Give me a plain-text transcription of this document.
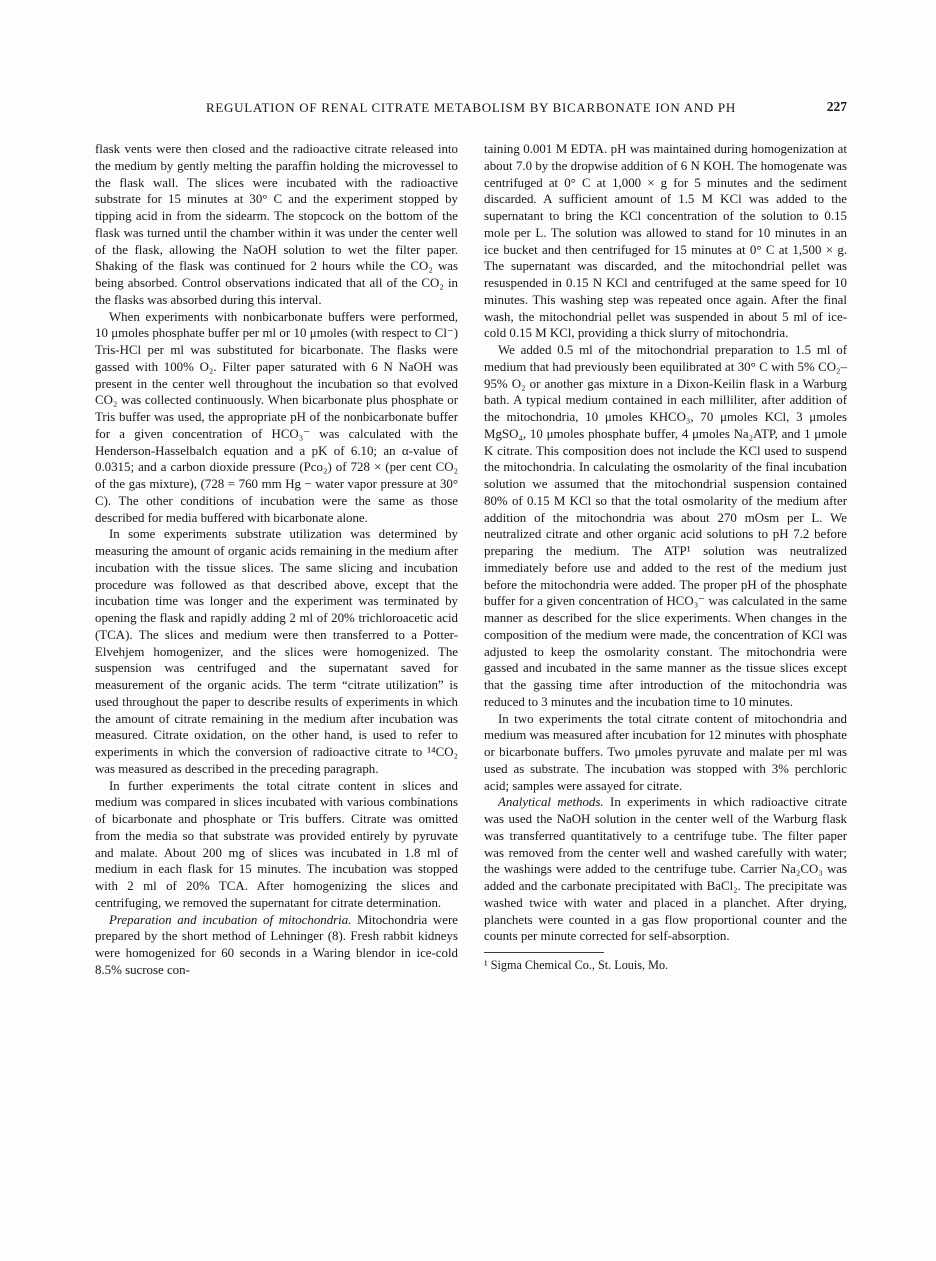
REGULATION OF RENAL CITRATE METABOLISM BY BICARBONATE ION AND PH	227

flask vents were then closed and the radioactive citrate released into the medium by gently melting the paraffin holding the microvessel to the flask wall. The slices were incubated with the radioactive substrate for 15 minutes at 30° C and the experiment stopped by tipping acid in from the sidearm. The stopcock on the bottom of the flask was turned until the chamber within it was under the center well of the flask, allowing the NaOH solution to wet the filter paper. Shaking of the flask was continued for 2 hours while the CO₂ was being absorbed. Control observations indicated that all of the CO₂ in the flasks was absorbed during this interval.

When experiments with nonbicarbonate buffers were performed, 10 μmoles phosphate buffer per ml or 10 μmoles (with respect to Cl⁻) Tris-HCl per ml was substituted for bicarbonate. The flasks were gassed with 100% O₂. Filter paper saturated with 6 N NaOH was present in the center well throughout the incubation so that evolved CO₂ was collected continuously. When bicarbonate plus phosphate or Tris buffer was used, the appropriate pH of the nonbicarbonate buffer for a given concentration of HCO₃⁻ was calculated with the Henderson-Hasselbalch equation and a pK of 6.10; an α-value of 0.0315; and a carbon dioxide pressure (Pco₂) of 728 × (per cent CO₂ of the gas mixture), (728 = 760 mm Hg − water vapor pressure at 30° C). The other conditions of incubation were the same as those described for media buffered with bicarbonate alone.

In some experiments substrate utilization was determined by measuring the amount of organic acids remaining in the medium after incubation with the tissue slices. The same slicing and incubation procedure was followed as that described above, except that the incubation time was longer and the experiment was terminated by opening the flask and rapidly adding 2 ml of 20% trichloroacetic acid (TCA). The slices and medium were then transferred to a Potter-Elvehjem homogenizer, and the slices were homogenized. The suspension was centrifuged and the supernatant saved for measurement of the organic acids. The term “citrate utilization” is used throughout the paper to describe results of experiments in which the amount of citrate remaining in the medium after incubation was measured. Citrate oxidation, on the other hand, is used to refer to experiments in which the conversion of radioactive citrate to ¹⁴CO₂ was measured as described in the preceding paragraph.

In further experiments the total citrate content in slices and medium was compared in slices incubated with various combinations of bicarbonate and phosphate or Tris buffers. Citrate was omitted from the media so that substrate was provided entirely by pyruvate and malate. About 200 mg of slices was incubated in 1.8 ml of medium in each flask for 15 minutes. The incubation was stopped with 2 ml of 20% TCA. After homogenizing the slices and centrifuging, we removed the supernatant for citrate determination.

Preparation and incubation of mitochondria. Mitochondria were prepared by the short method of Lehninger (8). Fresh rabbit kidneys were homogenized for 60 seconds in a Waring blendor in ice-cold 8.5% sucrose con-

taining 0.001 M EDTA. pH was maintained during homogenization at about 7.0 by the dropwise addition of 6 N KOH. The homogenate was centrifuged at 0° C at 1,000 × g for 5 minutes and the sediment discarded. A sufficient amount of 1.5 M KCl was added to the supernatant to bring the KCl concentration of the solution to 0.15 mole per L. The solution was allowed to stand for 10 minutes in an ice bucket and then centrifuged for 15 minutes at 0° C at 1,500 × g. The supernatant was discarded, and the mitochondrial pellet was resuspended in 0.15 N KCl and centrifuged at the same speed for 10 minutes. This washing step was repeated once again. After the final wash, the mitochondrial pellet was suspended in about 5 ml of ice-cold 0.15 M KCl, providing a thick slurry of mitochondria.

We added 0.5 ml of the mitochondrial preparation to 1.5 ml of medium that had previously been equilibrated at 30° C with 5% CO₂–95% O₂ or another gas mixture in a Dixon-Keilin flask in a Warburg bath. A typical medium contained in each milliliter, after addition of the mitochondria, 10 μmoles KHCO₃, 70 μmoles KCl, 3 μmoles MgSO₄, 10 μmoles phosphate buffer, 4 μmoles Na₂ATP, and 1 μmole K citrate. This composition does not include the KCl used to suspend the mitochondria. In calculating the osmolarity of the final incubation solution we assumed that the mitochondrial suspension contained 80% of 0.15 M KCl so that the total osmolarity of the medium after addition of the mitochondria was about 270 mOsm per L. We neutralized citrate and other organic acid solutions to pH 7.2 before preparing the medium. The ATP¹ solution was neutralized immediately before use and added to the rest of the medium just before the mitochondria were added. The proper pH of the phosphate buffer for a given concentration of HCO₃⁻ was calculated in the same manner as described for the slice experiments. When changes in the composition of the medium were made, the concentration of KCl was adjusted to keep the osmolarity constant. The mitochondria were gassed and incubated in the same manner as the tissue slices except that the gassing time after introduction of the mitochondria was reduced to 3 minutes and the incubation time to 10 minutes.

In two experiments the total citrate content of mitochondria and medium was measured after incubation for 12 minutes with phosphate or bicarbonate buffers. Two μmoles pyruvate and malate per ml was used as substrate. The incubation was stopped with 3% perchloric acid; samples were assayed for citrate.

Analytical methods. In experiments in which radioactive citrate was used the NaOH solution in the center well of the Warburg flask was transferred quantitatively to a centrifuge tube. The filter paper was removed from the center well and washed carefully with water; the washings were added to the centrifuge tube. Carrier Na₂CO₃ was added and the carbonate precipitated with BaCl₂. The precipitate was washed twice with water and placed in a planchet. After drying, planchets were counted in a gas flow proportional counter and the counts per minute corrected for self-absorption.

¹ Sigma Chemical Co., St. Louis, Mo.
